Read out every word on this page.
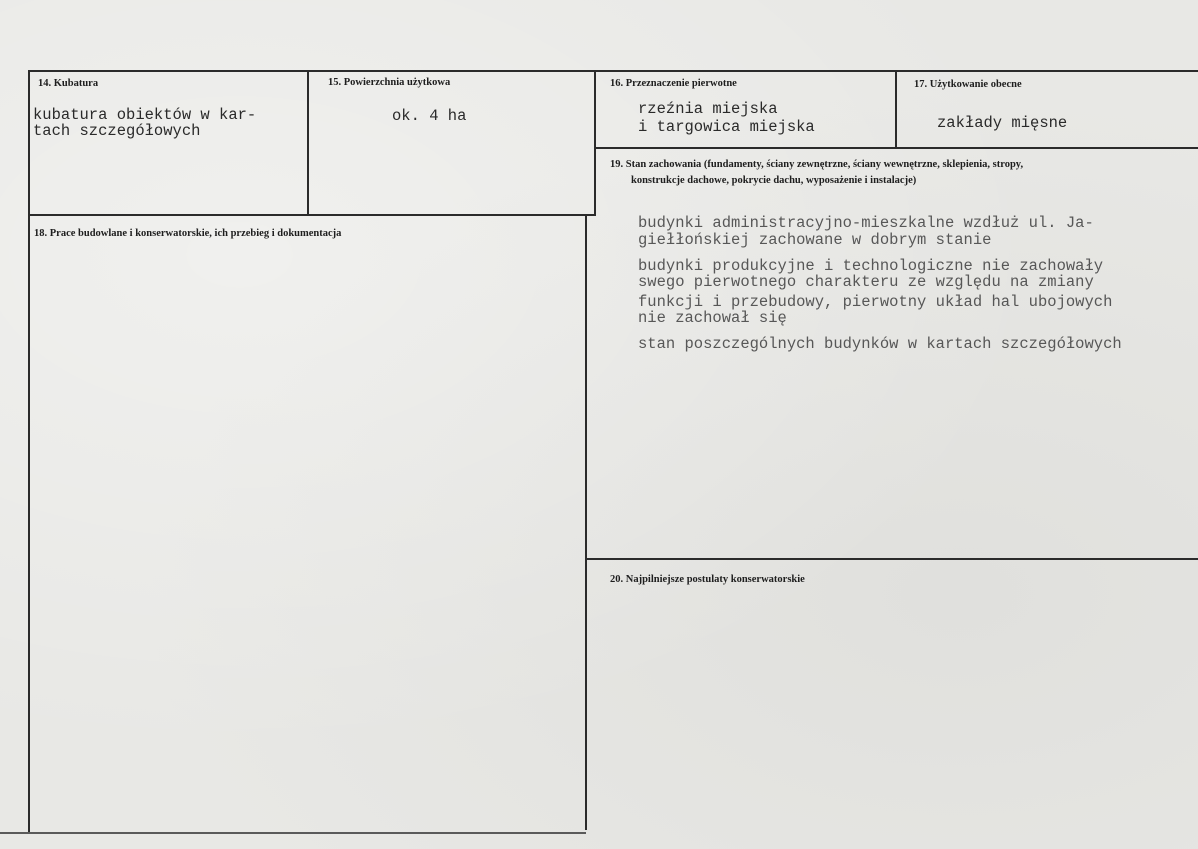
14. Kubatura
kubatura obiektów w kar-
tach szczegółowych
15. Powierzchnia użytkowa
ok. 4 ha
16. Przeznaczenie pierwotne
rzeźnia miejska
i targowica miejska
17. Użytkowanie obecne
zakłady mięsne
18. Prace budowlane i konserwatorskie, ich przebieg i dokumentacja
19. Stan zachowania (fundamenty, ściany zewnętrzne, ściany wewnętrzne, sklepienia, stropy,
konstrukcje dachowe, pokrycie dachu, wyposażenie i instalacje)
budynki administracyjno-mieszkalne wzdłuż ul. Ja-
giełłońskiej zachowane w dobrym stanie
budynki produkcyjne i technologiczne nie zachowały
swego pierwotnego charakteru ze względu na zmiany
funkcji i przebudowy, pierwotny układ hal ubojowych
nie zachował się
stan poszczególnych budynków w kartach szczegółowych
20. Najpilniejsze postulaty konserwatorskie
